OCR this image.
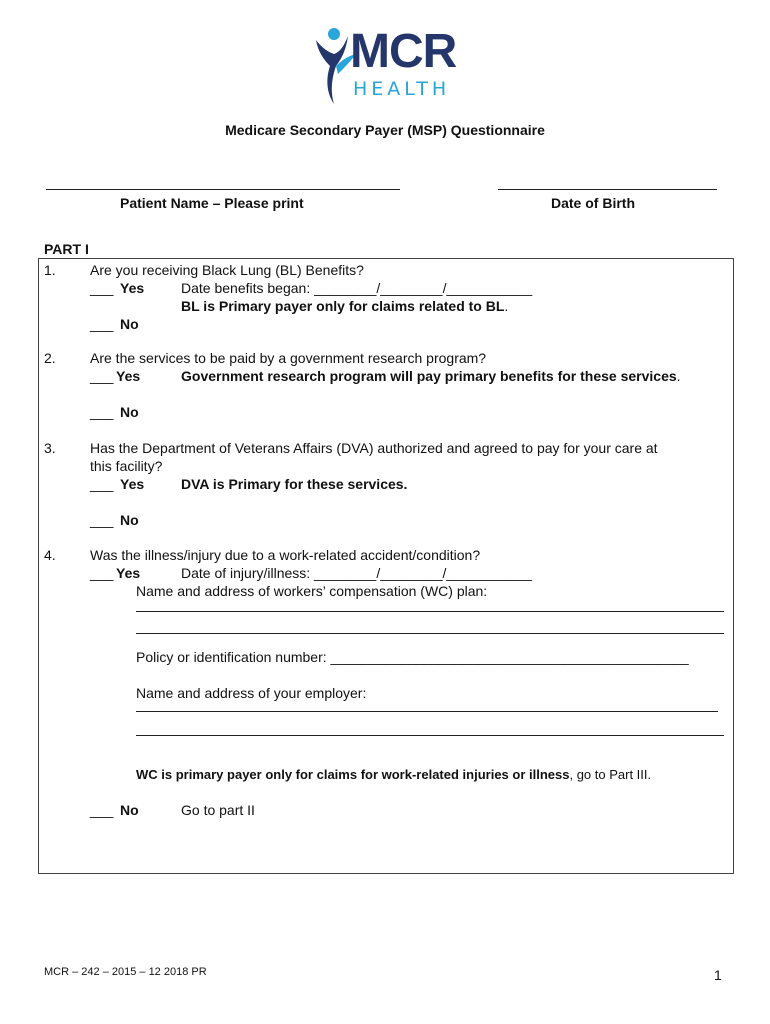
MCR
HEALTH
Medicare Secondary Payer (MSP) Questionnaire
Patient Name – Please print	Date of Birth
PART I
1. Are you receiving Black Lung (BL) Benefits?
___ Yes	Date benefits began: ________/________/___________
BL is Primary payer only for claims related to BL.
___ No
2. Are the services to be paid by a government research program?
___ Yes	Government research program will pay primary benefits for these services.
___ No
3. Has the Department of Veterans Affairs (DVA) authorized and agreed to pay for your care at
this facility?
___ Yes	DVA is Primary for these services.
___ No
4. Was the illness/injury due to a work-related accident/condition?
___ Yes	Date of injury/illness: ________/________/___________
Name and address of workers’ compensation (WC) plan:
Policy or identification number: ______________________________________________
Name and address of your employer:
WC is primary payer only for claims for work-related injuries or illness, go to Part III.
___ No	Go to part II
MCR – 242 – 2015 – 12 2018 PR	1
